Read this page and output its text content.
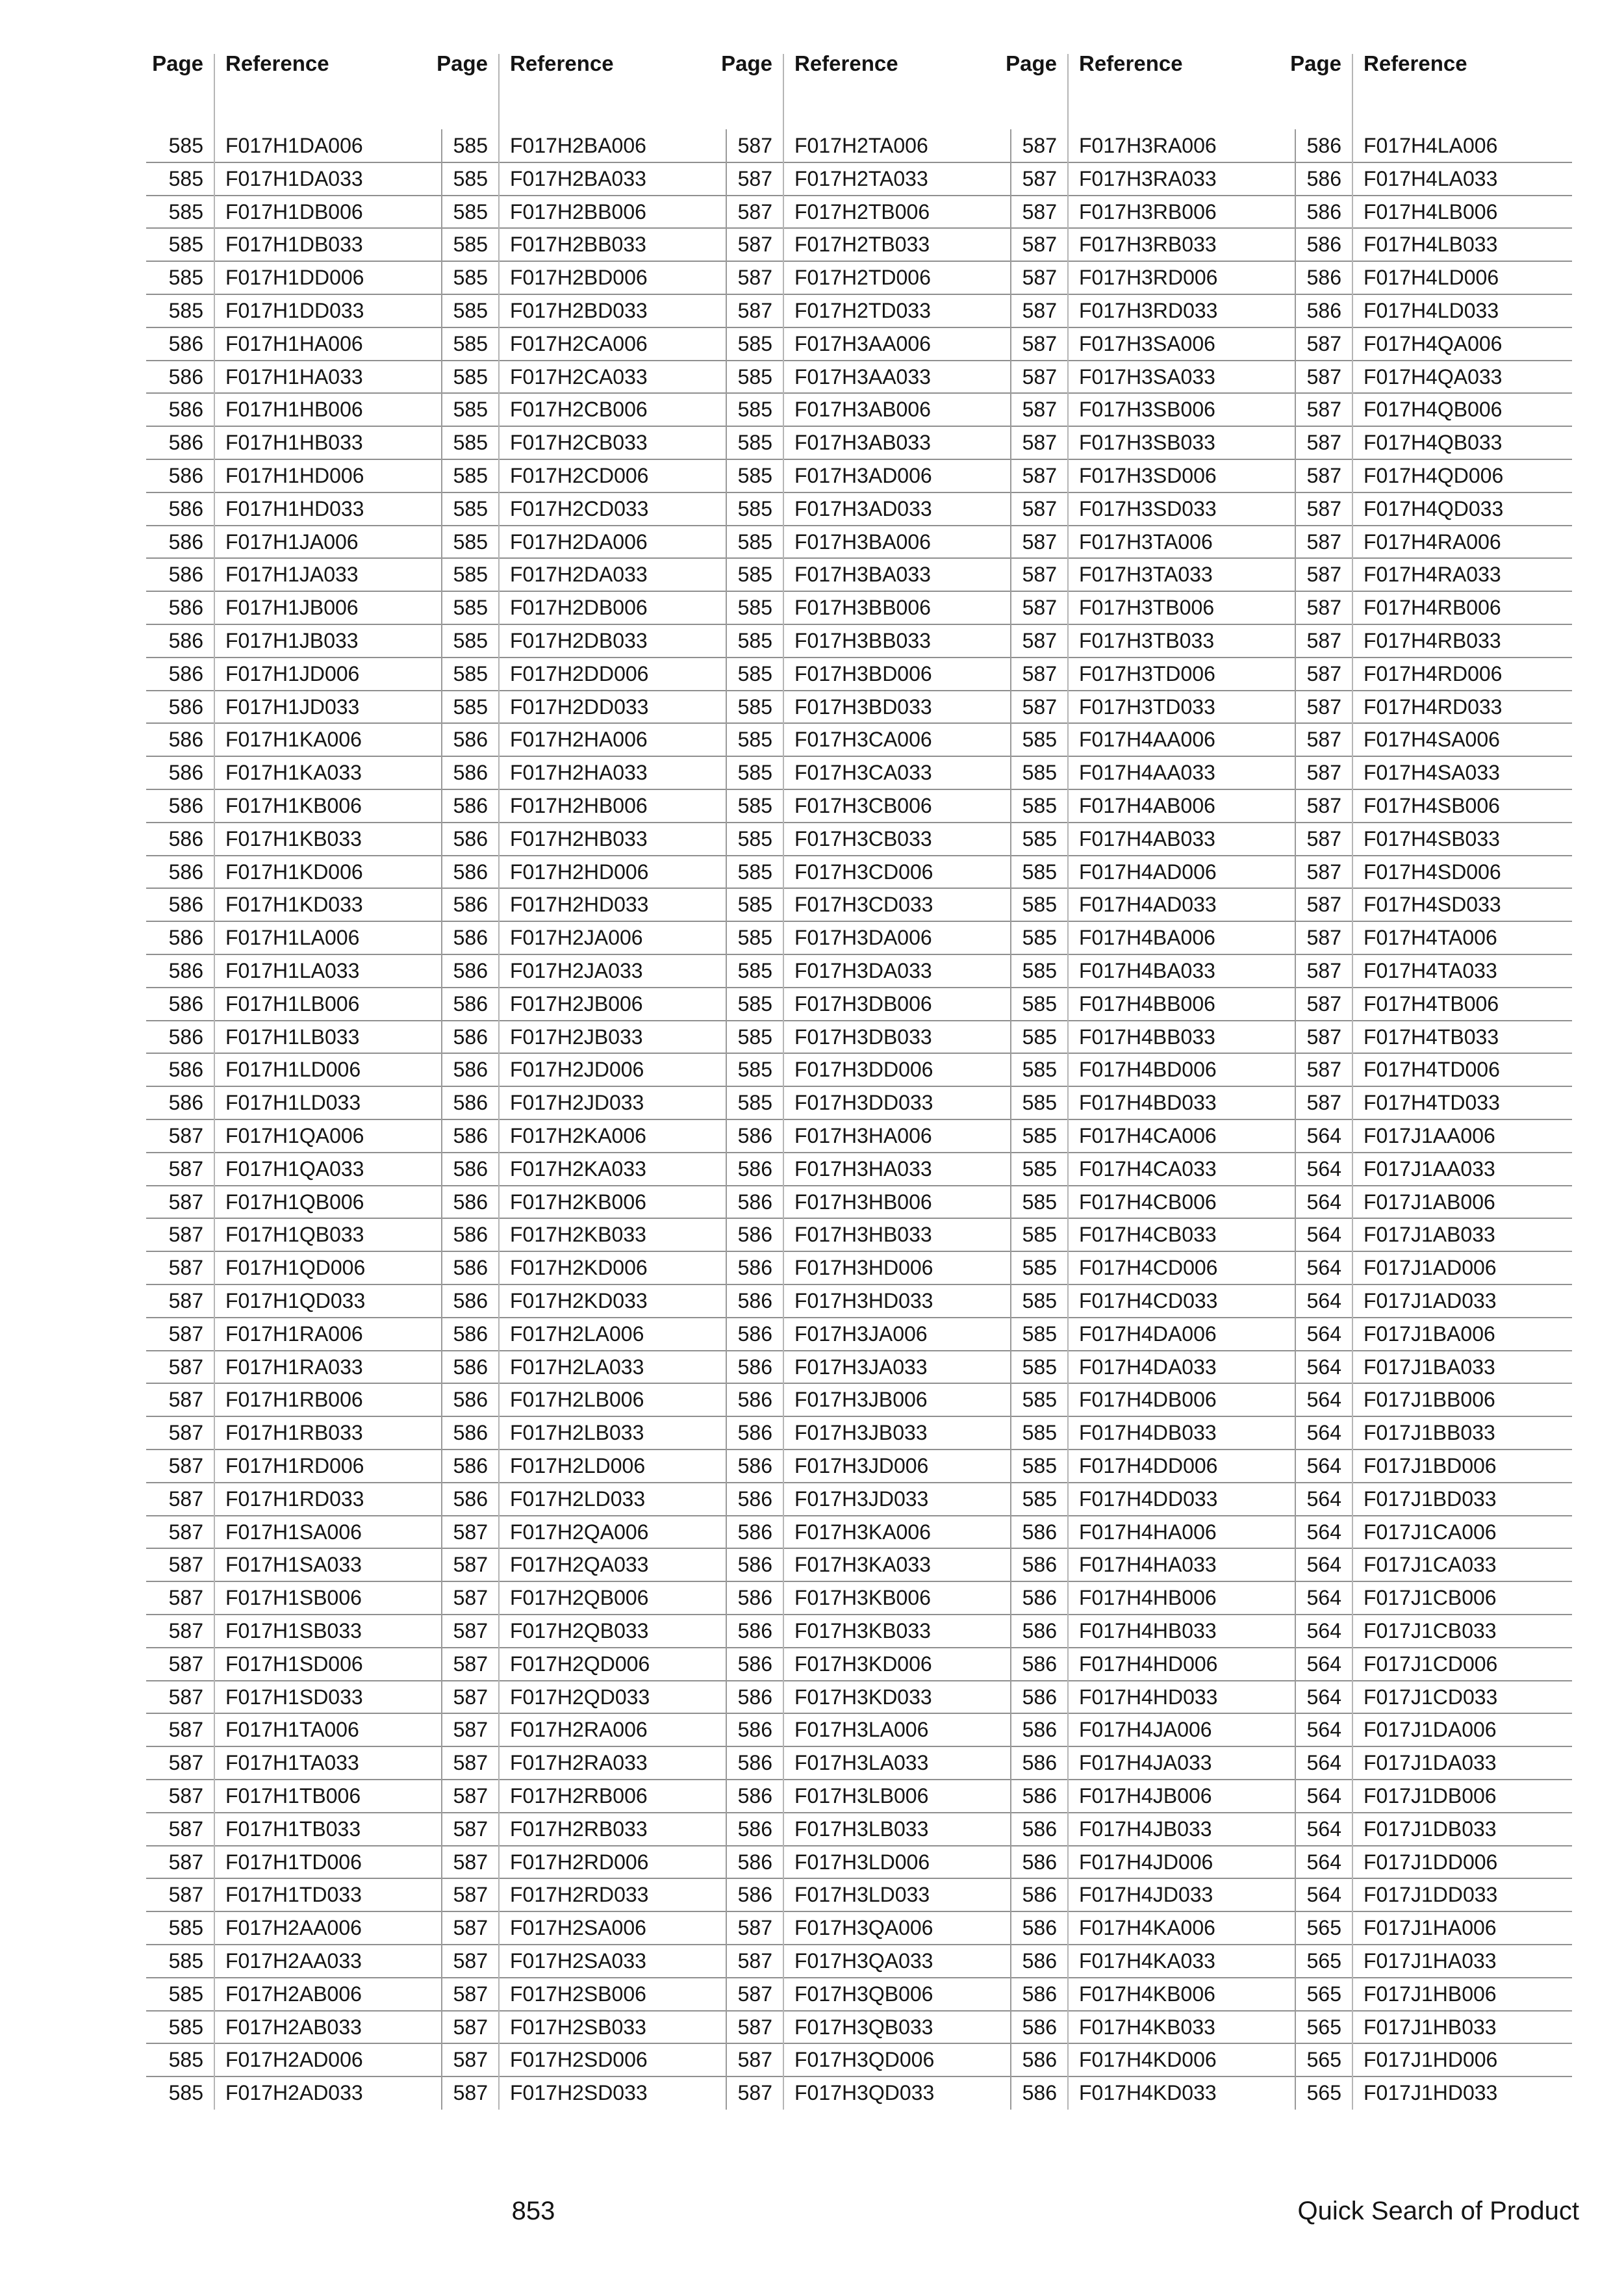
Page Reference
585 F017H1DA006
585 F017H1DA033
585 F017H1DB006
585 F017H1DB033
585 F017H1DD006
585 F017H1DD033
586 F017H1HA006
586 F017H1HA033
586 F017H1HB006
586 F017H1HB033
586 F017H1HD006
586 F017H1HD033
586 F017H1JA006
586 F017H1JA033
586 F017H1JB006
586 F017H1JB033
586 F017H1JD006
586 F017H1JD033
586 F017H1KA006
586 F017H1KA033
586 F017H1KB006
586 F017H1KB033
586 F017H1KD006
586 F017H1KD033
586 F017H1LA006
586 F017H1LA033
586 F017H1LB006
586 F017H1LB033
586 F017H1LD006
586 F017H1LD033
587 F017H1QA006
587 F017H1QA033
587 F017H1QB006
587 F017H1QB033
587 F017H1QD006
587 F017H1QD033
587 F017H1RA006
587 F017H1RA033
587 F017H1RB006
587 F017H1RB033
587 F017H1RD006
587 F017H1RD033
587 F017H1SA006
587 F017H1SA033
587 F017H1SB006
587 F017H1SB033
587 F017H1SD006
587 F017H1SD033
587 F017H1TA006
587 F017H1TA033
587 F017H1TB006
587 F017H1TB033
587 F017H1TD006
587 F017H1TD033
585 F017H2AA006
585 F017H2AA033
585 F017H2AB006
585 F017H2AB033
585 F017H2AD006
585 F017H2AD033
Page Reference
585 F017H2BA006
585 F017H2BA033
585 F017H2BB006
585 F017H2BB033
585 F017H2BD006
585 F017H2BD033
585 F017H2CA006
585 F017H2CA033
585 F017H2CB006
585 F017H2CB033
585 F017H2CD006
585 F017H2CD033
585 F017H2DA006
585 F017H2DA033
585 F017H2DB006
585 F017H2DB033
585 F017H2DD006
585 F017H2DD033
586 F017H2HA006
586 F017H2HA033
586 F017H2HB006
586 F017H2HB033
586 F017H2HD006
586 F017H2HD033
586 F017H2JA006
586 F017H2JA033
586 F017H2JB006
586 F017H2JB033
586 F017H2JD006
586 F017H2JD033
586 F017H2KA006
586 F017H2KA033
586 F017H2KB006
586 F017H2KB033
586 F017H2KD006
586 F017H2KD033
586 F017H2LA006
586 F017H2LA033
586 F017H2LB006
586 F017H2LB033
586 F017H2LD006
586 F017H2LD033
587 F017H2QA006
587 F017H2QA033
587 F017H2QB006
587 F017H2QB033
587 F017H2QD006
587 F017H2QD033
587 F017H2RA006
587 F017H2RA033
587 F017H2RB006
587 F017H2RB033
587 F017H2RD006
587 F017H2RD033
587 F017H2SA006
587 F017H2SA033
587 F017H2SB006
587 F017H2SB033
587 F017H2SD006
587 F017H2SD033
Page Reference
587 F017H2TA006
587 F017H2TA033
587 F017H2TB006
587 F017H2TB033
587 F017H2TD006
587 F017H2TD033
585 F017H3AA006
585 F017H3AA033
585 F017H3AB006
585 F017H3AB033
585 F017H3AD006
585 F017H3AD033
585 F017H3BA006
585 F017H3BA033
585 F017H3BB006
585 F017H3BB033
585 F017H3BD006
585 F017H3BD033
585 F017H3CA006
585 F017H3CA033
585 F017H3CB006
585 F017H3CB033
585 F017H3CD006
585 F017H3CD033
585 F017H3DA006
585 F017H3DA033
585 F017H3DB006
585 F017H3DB033
585 F017H3DD006
585 F017H3DD033
586 F017H3HA006
586 F017H3HA033
586 F017H3HB006
586 F017H3HB033
586 F017H3HD006
586 F017H3HD033
586 F017H3JA006
586 F017H3JA033
586 F017H3JB006
586 F017H3JB033
586 F017H3JD006
586 F017H3JD033
586 F017H3KA006
586 F017H3KA033
586 F017H3KB006
586 F017H3KB033
586 F017H3KD006
586 F017H3KD033
586 F017H3LA006
586 F017H3LA033
586 F017H3LB006
586 F017H3LB033
586 F017H3LD006
586 F017H3LD033
587 F017H3QA006
587 F017H3QA033
587 F017H3QB006
587 F017H3QB033
587 F017H3QD006
587 F017H3QD033
Page Reference
587 F017H3RA006
587 F017H3RA033
587 F017H3RB006
587 F017H3RB033
587 F017H3RD006
587 F017H3RD033
587 F017H3SA006
587 F017H3SA033
587 F017H3SB006
587 F017H3SB033
587 F017H3SD006
587 F017H3SD033
587 F017H3TA006
587 F017H3TA033
587 F017H3TB006
587 F017H3TB033
587 F017H3TD006
587 F017H3TD033
585 F017H4AA006
585 F017H4AA033
585 F017H4AB006
585 F017H4AB033
585 F017H4AD006
585 F017H4AD033
585 F017H4BA006
585 F017H4BA033
585 F017H4BB006
585 F017H4BB033
585 F017H4BD006
585 F017H4BD033
585 F017H4CA006
585 F017H4CA033
585 F017H4CB006
585 F017H4CB033
585 F017H4CD006
585 F017H4CD033
585 F017H4DA006
585 F017H4DA033
585 F017H4DB006
585 F017H4DB033
585 F017H4DD006
585 F017H4DD033
586 F017H4HA006
586 F017H4HA033
586 F017H4HB006
586 F017H4HB033
586 F017H4HD006
586 F017H4HD033
586 F017H4JA006
586 F017H4JA033
586 F017H4JB006
586 F017H4JB033
586 F017H4JD006
586 F017H4JD033
586 F017H4KA006
586 F017H4KA033
586 F017H4KB006
586 F017H4KB033
586 F017H4KD006
586 F017H4KD033
Page Reference
586 F017H4LA006
586 F017H4LA033
586 F017H4LB006
586 F017H4LB033
586 F017H4LD006
586 F017H4LD033
587 F017H4QA006
587 F017H4QA033
587 F017H4QB006
587 F017H4QB033
587 F017H4QD006
587 F017H4QD033
587 F017H4RA006
587 F017H4RA033
587 F017H4RB006
587 F017H4RB033
587 F017H4RD006
587 F017H4RD033
587 F017H4SA006
587 F017H4SA033
587 F017H4SB006
587 F017H4SB033
587 F017H4SD006
587 F017H4SD033
587 F017H4TA006
587 F017H4TA033
587 F017H4TB006
587 F017H4TB033
587 F017H4TD006
587 F017H4TD033
564 F017J1AA006
564 F017J1AA033
564 F017J1AB006
564 F017J1AB033
564 F017J1AD006
564 F017J1AD033
564 F017J1BA006
564 F017J1BA033
564 F017J1BB006
564 F017J1BB033
564 F017J1BD006
564 F017J1BD033
564 F017J1CA006
564 F017J1CA033
564 F017J1CB006
564 F017J1CB033
564 F017J1CD006
564 F017J1CD033
564 F017J1DA006
564 F017J1DA033
564 F017J1DB006
564 F017J1DB033
564 F017J1DD006
564 F017J1DD033
565 F017J1HA006
565 F017J1HA033
565 F017J1HB006
565 F017J1HB033
565 F017J1HD006
565 F017J1HD033
853	Quick Search of Product
